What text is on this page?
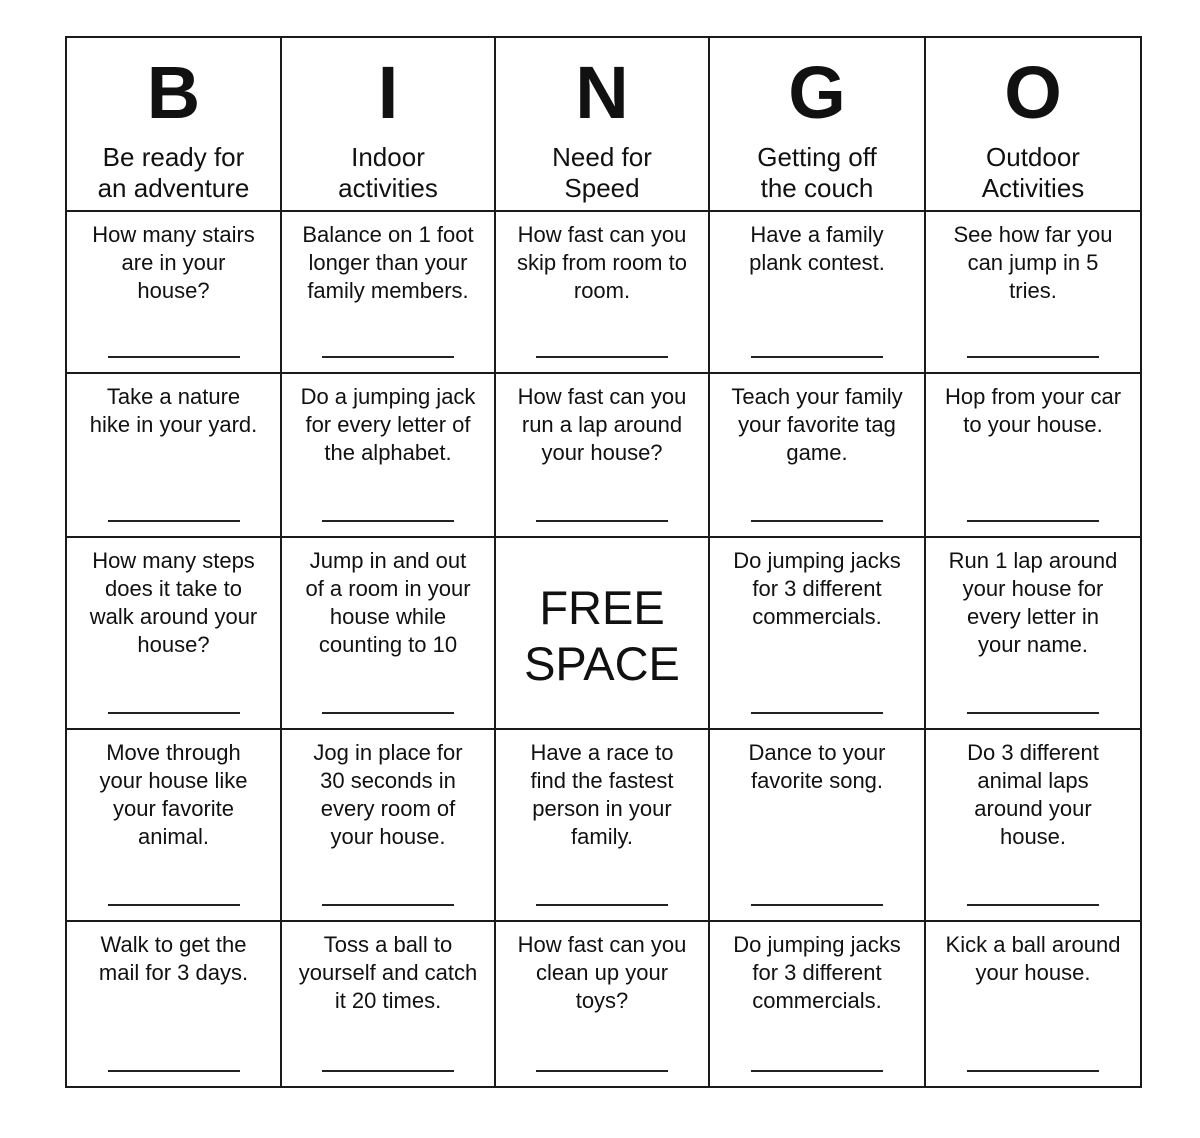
B
Be ready for
an adventure	I
Indoor
activities	N
Need for
Speed	G
Getting off
the couch	O
Outdoor
Activities

How many stairs
are in your
house?	Balance on 1 foot
longer than your
family members.	How fast can you
skip from room to
room.	Have a family
plank contest.	See how far you
can jump in 5
tries.

Take a nature
hike in your yard.	Do a jumping jack
for every letter of
the alphabet.	How fast can you
run a lap around
your house?	Teach your family
your favorite tag
game.	Hop from your car
to your house.

How many steps
does it take to
walk around your
house?	Jump in and out
of a room in your
house while
counting to 10	FREE
SPACE	Do jumping jacks
for 3 different
commercials.	Run 1 lap around
your house for
every letter in
your name.

Move through
your house like
your favorite
animal.	Jog in place for
30 seconds in
every room of
your house.	Have a race to
find the fastest
person in your
family.	Dance to your
favorite song.	Do 3 different
animal laps
around your
house.

Walk to get the
mail for 3 days.	Toss a ball to
yourself and catch
it 20 times.	How fast can you
clean up your
toys?	Do jumping jacks
for 3 different
commercials.	Kick a ball around
your house.
